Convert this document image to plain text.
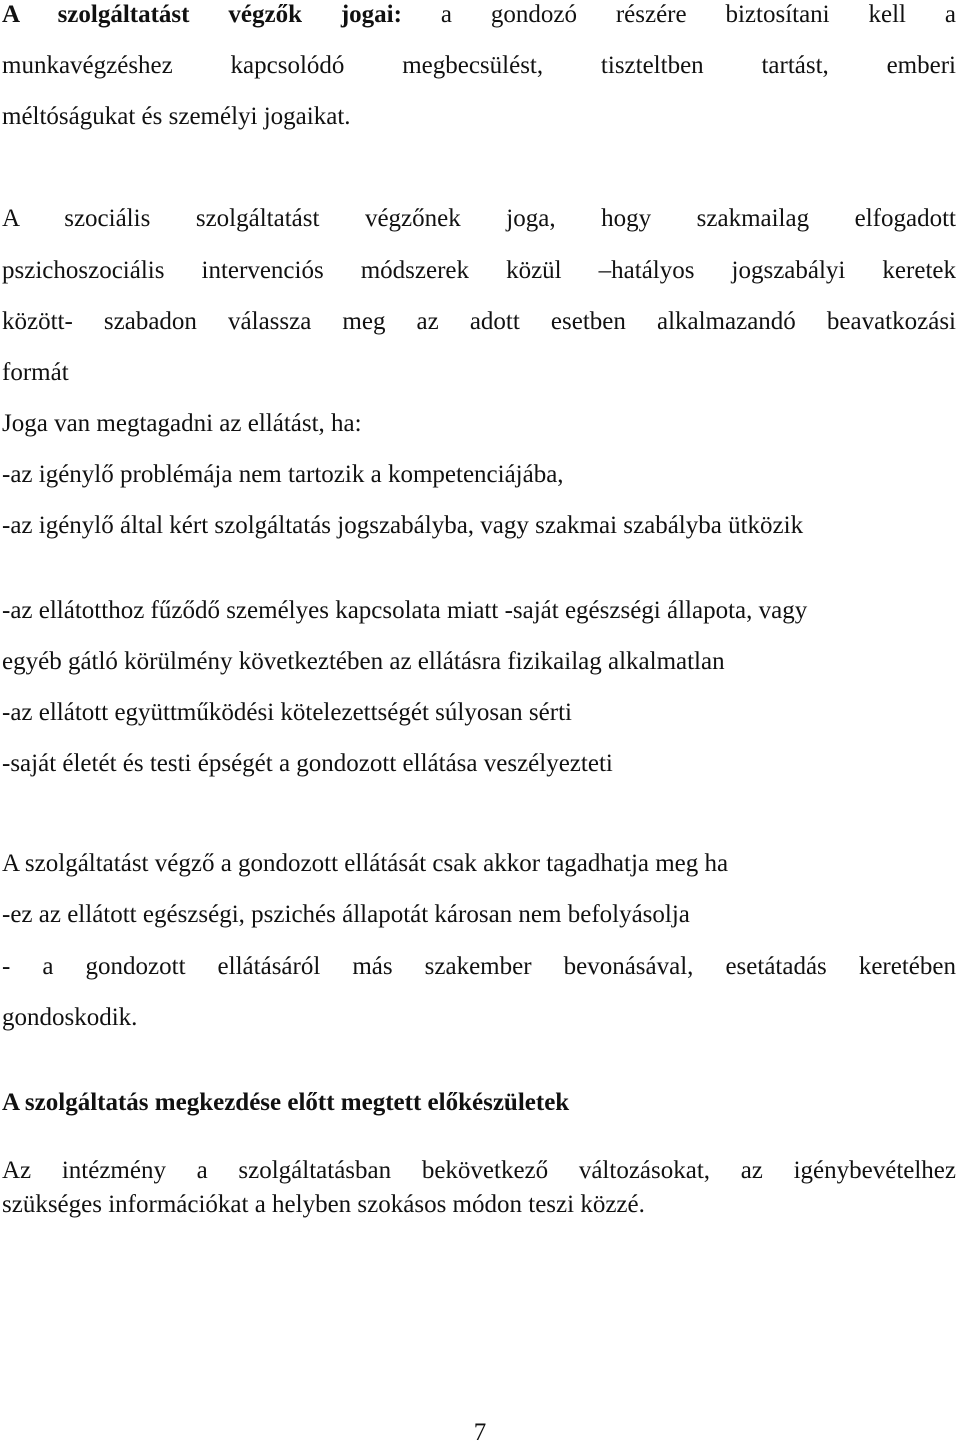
A szolgáltatást végzők jogai: a gondozó részére biztosítani kell a
munkavégzéshez kapcsolódó megbecsülést, tiszteltben tartást, emberi
méltóságukat és személyi jogaikat.
A szociális szolgáltatást végzőnek joga, hogy szakmailag elfogadott
pszichoszociális intervenciós módszerek közül –hatályos jogszabályi keretek
között- szabadon válassza meg az adott esetben alkalmazandó beavatkozási
formát
Joga van megtagadni az ellátást, ha:
-az igénylő problémája nem tartozik a kompetenciájába,
-az igénylő által kért szolgáltatás jogszabályba, vagy szakmai szabályba ütközik
-az ellátotthoz fűződő személyes kapcsolata miatt -saját egészségi állapota, vagy
egyéb gátló körülmény következtében az ellátásra fizikailag alkalmatlan
-az ellátott együttműködési kötelezettségét súlyosan sérti
-saját életét és testi épségét a gondozott ellátása veszélyezteti
A szolgáltatást végző a gondozott ellátását csak akkor tagadhatja meg ha
-ez az ellátott egészségi, pszichés állapotát károsan nem befolyásolja
- a gondozott ellátásáról más szakember bevonásával, esetátadás keretében
gondoskodik.
A szolgáltatás megkezdése előtt megtett előkészületek
Az intézmény a szolgáltatásban bekövetkező változásokat, az igénybevételhez
szükséges információkat a helyben szokásos módon teszi közzé.
7
